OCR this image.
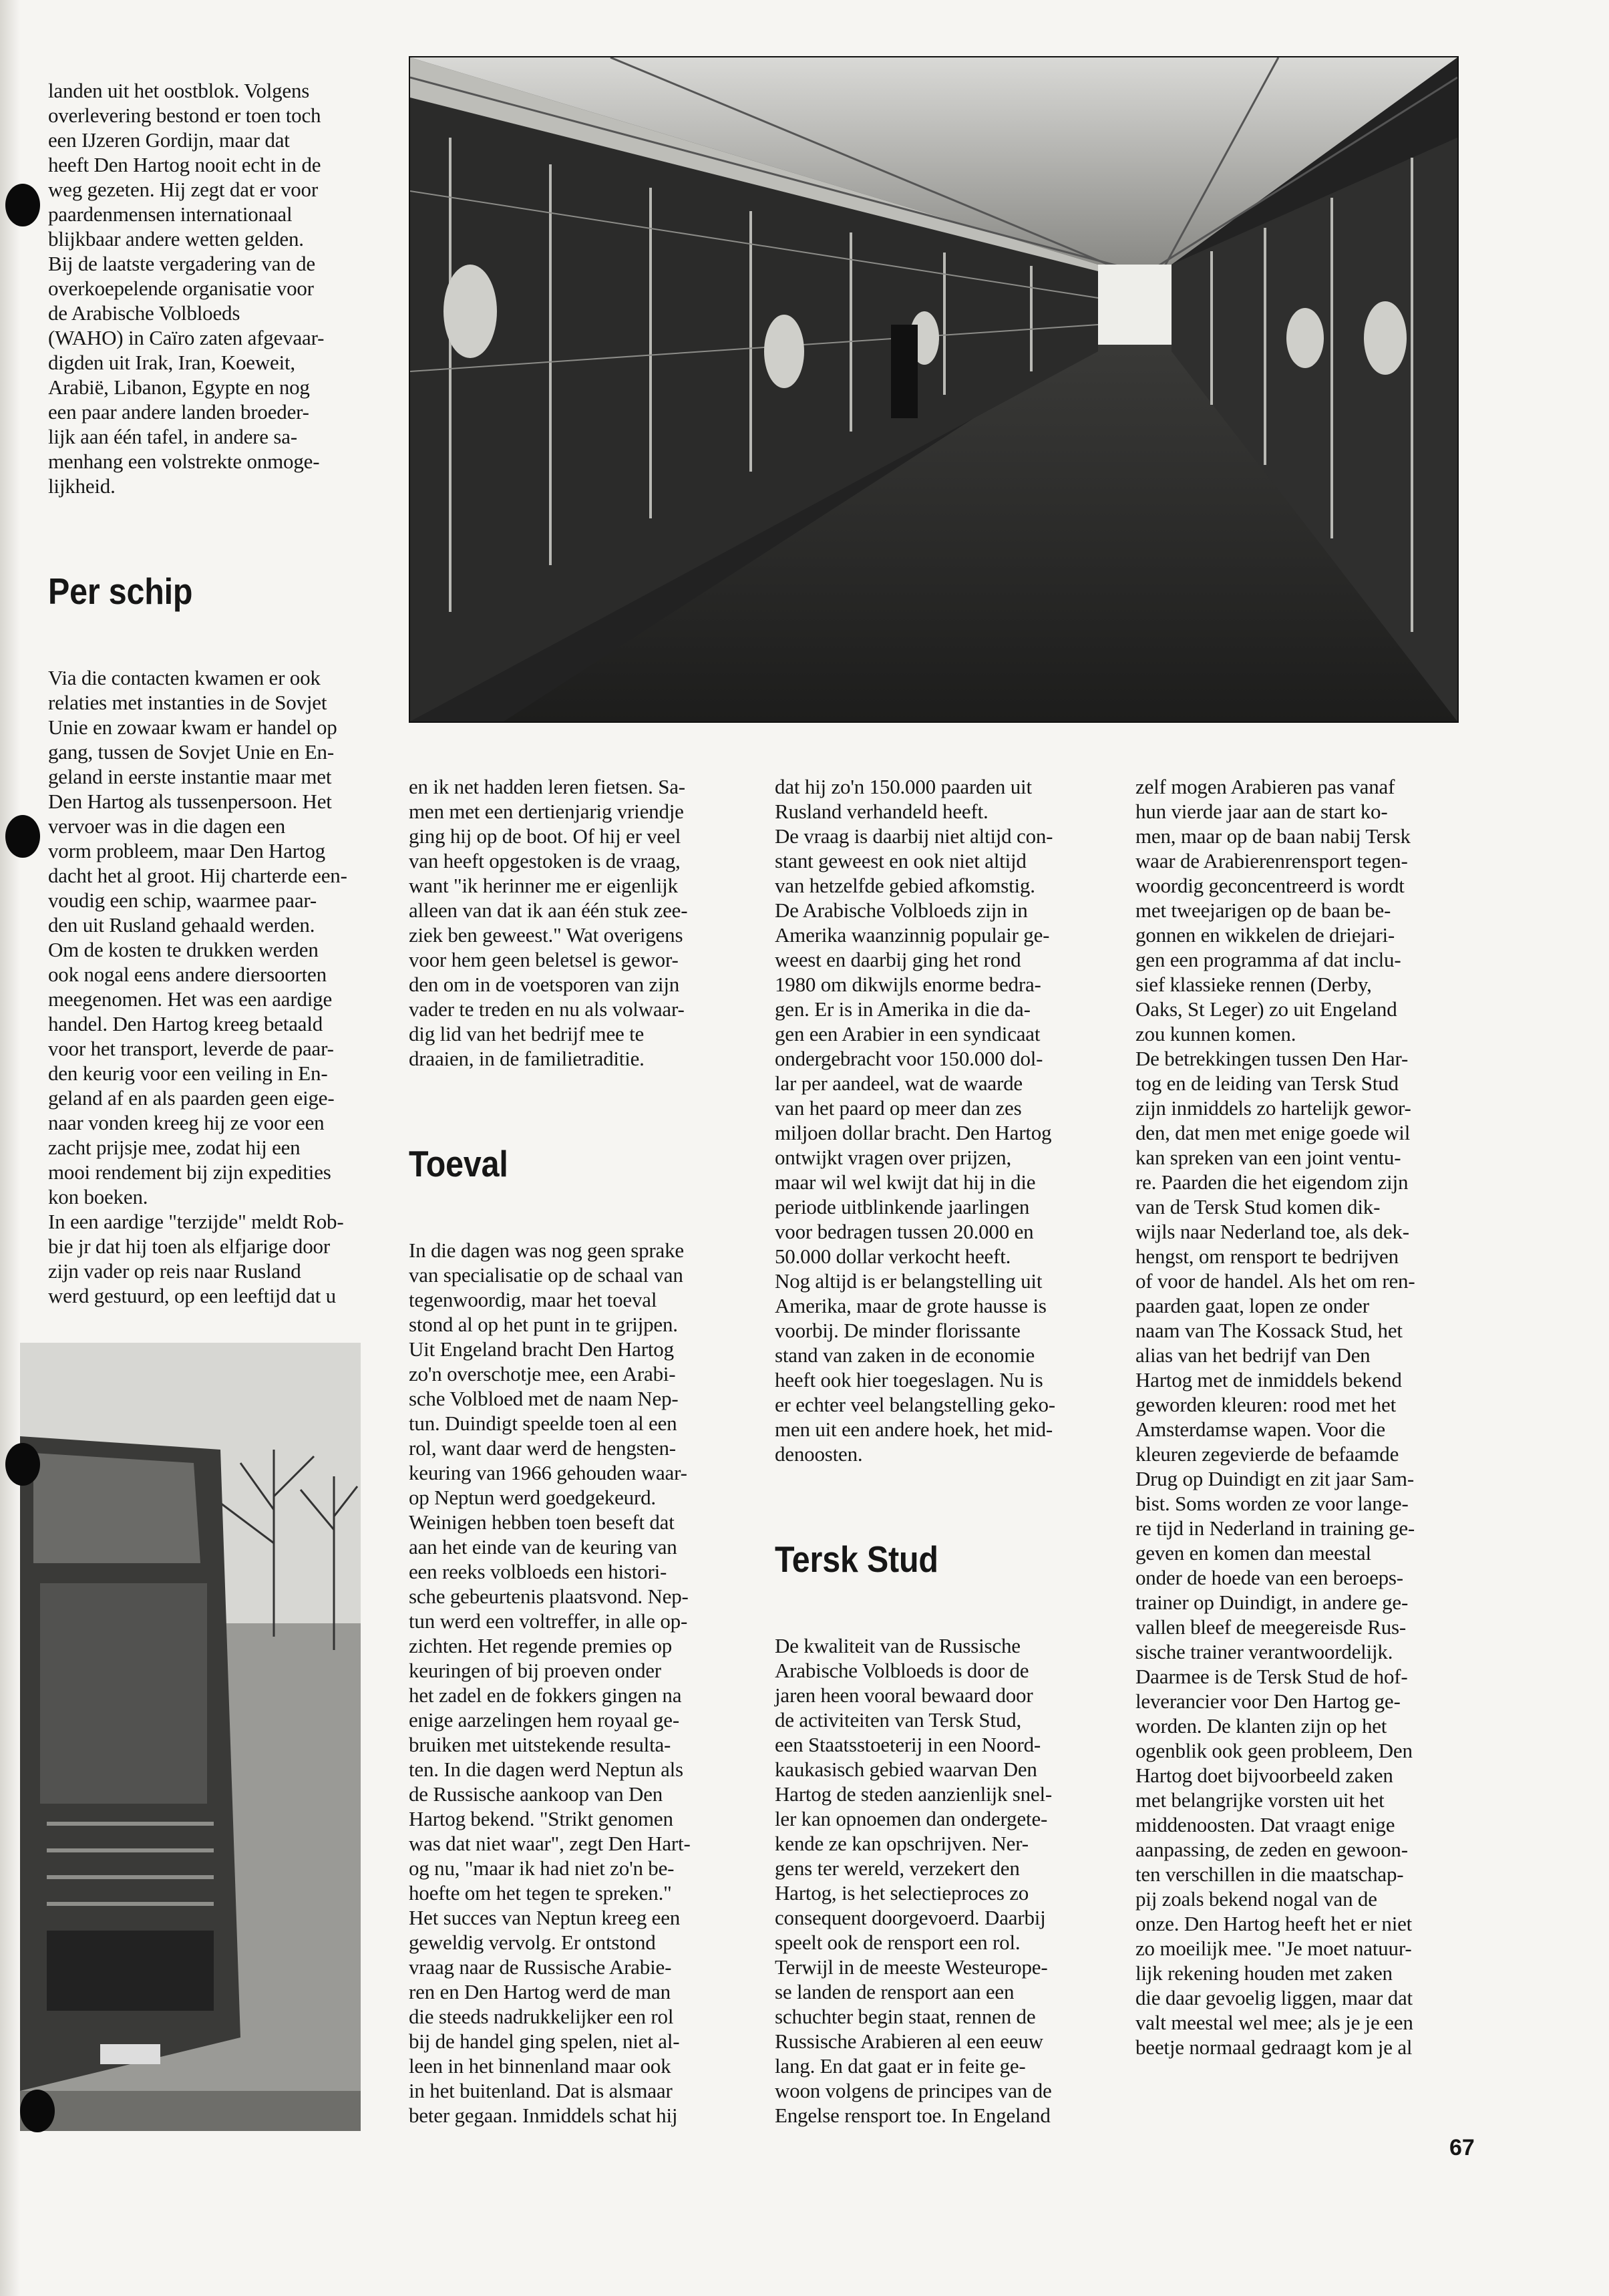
landen uit het oostblok. Volgens
overlevering bestond er toen toch
een IJzeren Gordijn, maar dat
heeft Den Hartog nooit echt in de
weg gezeten. Hij zegt dat er voor
paardenmensen internationaal
blijkbaar andere wetten gelden.
Bij de laatste vergadering van de
overkoepelende organisatie voor
de Arabische Volbloeds
(WAHO) in Caïro zaten afgevaar-
digden uit Irak, Iran, Koeweit,
Arabië, Libanon, Egypte en nog
een paar andere landen broeder-
lijk aan één tafel, in andere sa-
menhang een volstrekte onmoge-
lijkheid.

Per schip

Via die contacten kwamen er ook
relaties met instanties in de Sovjet
Unie en zowaar kwam er handel op
gang, tussen de Sovjet Unie en En-
geland in eerste instantie maar met
Den Hartog als tussenpersoon. Het
vervoer was in die dagen een
vorm probleem, maar Den Hartog
dacht het al groot. Hij charterde een-
voudig een schip, waarmee paar-
den uit Rusland gehaald werden.
Om de kosten te drukken werden
ook nogal eens andere diersoorten
meegenomen. Het was een aardige
handel. Den Hartog kreeg betaald
voor het transport, leverde de paar-
den keurig voor een veiling in En-
geland af en als paarden geen eige-
naar vonden kreeg hij ze voor een
zacht prijsje mee, zodat hij een
mooi rendement bij zijn expedities
kon boeken.
In een aardige "terzijde" meldt Rob-
bie jr dat hij toen als elfjarige door
zijn vader op reis naar Rusland
werd gestuurd, op een leeftijd dat u

en ik net hadden leren fietsen. Sa-
men met een dertienjarig vriendje
ging hij op de boot. Of hij er veel
van heeft opgestoken is de vraag,
want "ik herinner me er eigenlijk
alleen van dat ik aan één stuk zee-
ziek ben geweest." Wat overigens
voor hem geen beletsel is gewor-
den om in de voetsporen van zijn
vader te treden en nu als volwaar-
dig lid van het bedrijf mee te
draaien, in de familietraditie.

Toeval

In die dagen was nog geen sprake
van specialisatie op de schaal van
tegenwoordig, maar het toeval
stond al op het punt in te grijpen.
Uit Engeland bracht Den Hartog
zo'n overschotje mee, een Arabi-
sche Volbloed met de naam Nep-
tun. Duindigt speelde toen al een
rol, want daar werd de hengsten-
keuring van 1966 gehouden waar-
op Neptun werd goedgekeurd.
Weinigen hebben toen beseft dat
aan het einde van de keuring van
een reeks volbloeds een histori-
sche gebeurtenis plaatsvond. Nep-
tun werd een voltreffer, in alle op-
zichten. Het regende premies op
keuringen of bij proeven onder
het zadel en de fokkers gingen na
enige aarzelingen hem royaal ge-
bruiken met uitstekende resulta-
ten. In die dagen werd Neptun als
de Russische aankoop van Den
Hartog bekend. "Strikt genomen
was dat niet waar", zegt Den Hart-
og nu, "maar ik had niet zo'n be-
hoefte om het tegen te spreken."
Het succes van Neptun kreeg een
geweldig vervolg. Er ontstond
vraag naar de Russische Arabie-
ren en Den Hartog werd de man
die steeds nadrukkelijker een rol
bij de handel ging spelen, niet al-
leen in het binnenland maar ook
in het buitenland. Dat is alsmaar
beter gegaan. Inmiddels schat hij

dat hij zo'n 150.000 paarden uit
Rusland verhandeld heeft.
De vraag is daarbij niet altijd con-
stant geweest en ook niet altijd
van hetzelfde gebied afkomstig.
De Arabische Volbloeds zijn in
Amerika waanzinnig populair ge-
weest en daarbij ging het rond
1980 om dikwijls enorme bedra-
gen. Er is in Amerika in die da-
gen een Arabier in een syndicaat
ondergebracht voor 150.000 dol-
lar per aandeel, wat de waarde
van het paard op meer dan zes
miljoen dollar bracht. Den Hartog
ontwijkt vragen over prijzen,
maar wil wel kwijt dat hij in die
periode uitblinkende jaarlingen
voor bedragen tussen 20.000 en
50.000 dollar verkocht heeft.
Nog altijd is er belangstelling uit
Amerika, maar de grote hausse is
voorbij. De minder florissante
stand van zaken in de economie
heeft ook hier toegeslagen. Nu is
er echter veel belangstelling geko-
men uit een andere hoek, het mid-
denoosten.

Tersk Stud

De kwaliteit van de Russische
Arabische Volbloeds is door de
jaren heen vooral bewaard door
de activiteiten van Tersk Stud,
een Staatsstoeterij in een Noord-
kaukasisch gebied waarvan Den
Hartog de steden aanzienlijk snel-
ler kan opnoemen dan ondergete-
kende ze kan opschrijven. Ner-
gens ter wereld, verzekert den
Hartog, is het selectieproces zo
consequent doorgevoerd. Daarbij
speelt ook de rensport een rol.
Terwijl in de meeste Westeurope-
se landen de rensport aan een
schuchter begin staat, rennen de
Russische Arabieren al een eeuw
lang. En dat gaat er in feite ge-
woon volgens de principes van de
Engelse rensport toe. In Engeland

zelf mogen Arabieren pas vanaf
hun vierde jaar aan de start ko-
men, maar op de baan nabij Tersk
waar de Arabierenrensport tegen-
woordig geconcentreerd is wordt
met tweejarigen op de baan be-
gonnen en wikkelen de driejari-
gen een programma af dat inclu-
sief klassieke rennen (Derby,
Oaks, St Leger) zo uit Engeland
zou kunnen komen.
De betrekkingen tussen Den Har-
tog en de leiding van Tersk Stud
zijn inmiddels zo hartelijk gewor-
den, dat men met enige goede wil
kan spreken van een joint ventu-
re. Paarden die het eigendom zijn
van de Tersk Stud komen dik-
wijls naar Nederland toe, als dek-
hengst, om rensport te bedrijven
of voor de handel. Als het om ren-
paarden gaat, lopen ze onder
naam van The Kossack Stud, het
alias van het bedrijf van Den
Hartog met de inmiddels bekend
geworden kleuren: rood met het
Amsterdamse wapen. Voor die
kleuren zegevierde de befaamde
Drug op Duindigt en zit jaar Sam-
bist. Soms worden ze voor lange-
re tijd in Nederland in training ge-
geven en komen dan meestal
onder de hoede van een beroeps-
trainer op Duindigt, in andere ge-
vallen bleef de meegereisde Rus-
sische trainer verantwoordelijk.
Daarmee is de Tersk Stud de hof-
leverancier voor Den Hartog ge-
worden. De klanten zijn op het
ogenblik ook geen probleem, Den
Hartog doet bijvoorbeeld zaken
met belangrijke vorsten uit het
middenoosten. Dat vraagt enige
aanpassing, de zeden en gewoon-
ten verschillen in die maatschap-
pij zoals bekend nogal van de
onze. Den Hartog heeft het er niet
zo moeilijk mee. "Je moet natuur-
lijk rekening houden met zaken
die daar gevoelig liggen, maar dat
valt meestal wel mee; als je je een
beetje normaal gedraagt kom je al

67
